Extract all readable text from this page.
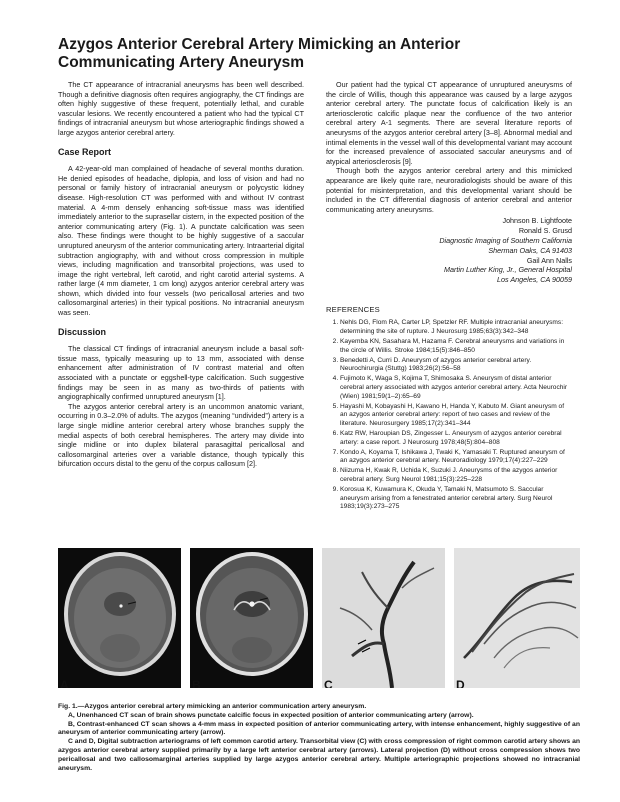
Azygos Anterior Cerebral Artery Mimicking an Anterior Communicating Artery Aneurysm

The CT appearance of intracranial aneurysms has been well described. Though a definitive diagnosis often requires angiography, the CT findings are often highly suggestive of these frequent, potentially lethal, and curable vascular lesions. We recently encountered a patient who had the typical CT findings of intracranial aneurysm but whose arteriographic findings showed a large azygos anterior cerebral artery.

Case Report

A 42-year-old man complained of headache of several months duration. He denied episodes of headache, diplopia, and loss of vision and had no personal or family history of intracranial aneurysm or polycystic kidney disease. High-resolution CT was performed with and without IV contrast material. A 4-mm densely enhancing soft-tissue mass was identified immediately anterior to the suprasellar cistern, in the expected position of the anterior communicating artery (Fig. 1). A punctate calcification was seen also. These findings were thought to be highly suggestive of a saccular unruptured aneurysm of the anterior communicating artery. Intraarterial digital subtraction angiography, with and without cross compression in multiple views, including magnification and transorbital projections, was used to image the right vertebral, left carotid, and right carotid arterial systems. A rather large (4 mm diameter, 1 cm long) azygos anterior cerebral artery was shown, which divided into four vessels (two pericallosal arteries and two callosomarginal arteries) in their typical positions. No intracranial aneurysm was seen.

Discussion

The classical CT findings of intracranial aneurysm include a basal soft-tissue mass, typically measuring up to 13 mm, associated with dense enhancement after administration of IV contrast material and often associated with a punctate or eggshell-type calcification. Such suggestive findings may be seen in as many as two-thirds of patients with angiographically confirmed unruptured aneurysm [1].

The azygos anterior cerebral artery is an uncommon anatomic variant, occurring in 0.3–2.0% of adults. The azygos (meaning “undivided”) artery is a large single midline anterior cerebral artery whose branches supply the medial aspects of both cerebral hemispheres. The artery may divide into single midline or into duplex bilateral parasagittal pericallosal and callosomarginal arteries over a variable distance, though typically this bifurcation occurs distal to the genu of the corpus callosum [2].

Our patient had the typical CT appearance of unruptured aneurysms of the circle of Willis, though this appearance was caused by a large azygos anterior cerebral artery. The punctate focus of calcification likely is an arteriosclerotic calcific plaque near the confluence of the two anterior cerebral artery A-1 segments. There are several literature reports of aneurysms of the azygos anterior cerebral artery [3–8]. Abnormal medial and intimal elements in the vessel wall of this developmental variant may account for the increased prevalence of associated saccular aneurysms and of atypical arteriosclerosis [9].

Though both the azygos anterior cerebral artery and this mimicked appearance are likely quite rare, neuroradiologists should be aware of this potential for misinterpretation, and this developmental variant should be included in the CT differential diagnosis of anterior cerebral and anterior communicating artery aneurysms.

Johnson B. Lightfoote
Ronald S. Grusd
Diagnostic Imaging of Southern California
Sherman Oaks, CA 91403
Gail Ann Nalls
Martin Luther King, Jr., General Hospital
Los Angeles, CA 90059
REFERENCES
1. Nehls DG, Flom RA, Carter LP, Spetzler RF. Multiple intracranial aneurysms: determining the site of rupture. J Neurosurg 1985;63(3):342–348
2. Kayemba KN, Sasahara M, Hazama F. Cerebral aneurysms and variations in the circle of Willis. Stroke 1984;15(5):846–850
3. Benedetti A, Curri D. Aneurysm of azygos anterior cerebral artery. Neurochirurgia (Stuttg) 1983;26(2):56–58
4. Fujimoto K, Waga S, Kojima T, Shimosaka S. Aneurysm of distal anterior cerebral artery associated with azygos anterior cerebral artery. Acta Neurochir (Wien) 1981;59(1–2):65–69
5. Hayashi M, Kobayashi H, Kawano H, Handa Y, Kabuto M. Giant aneurysm of an azygos anterior cerebral artery: report of two cases and review of the literature. Neurosurgery 1985;17(2):341–344
6. Katz RW, Haroupian DS, Zingesser L. Aneurysm of azygos anterior cerebral artery: a case report. J Neurosurg 1978;48(5):804–808
7. Kondo A, Koyama T, Ishikawa J, Twaki K, Yamasaki T. Ruptured aneurysm of an azygos anterior cerebral artery. Neuroradiology 1979;17(4):227–229
8. Niizuma H, Kwak R, Uchida K, Suzuki J. Aneurysms of the azygos anterior cerebral artery. Surg Neurol 1981;15(3):225–228
9. Korosua K, Kuwamura K, Okuda Y, Tamaki N, Matsumoto S. Saccular aneurysm arising from a fenestrated anterior cerebral artery. Surg Neurol 1983;19(3):273–275
A	B	C	D

Fig. 1.—Azygos anterior cerebral artery mimicking an anterior communication artery aneurysm.

A, Unenhanced CT scan of brain shows punctate calcific focus in expected position of anterior communicating artery (arrow).

B, Contrast-enhanced CT scan shows a 4-mm mass in expected position of anterior communicating artery, with intense enhancement, highly suggestive of an aneurysm of anterior communicating artery (arrow).

C and D, Digital subtraction arteriograms of left common carotid artery. Transorbital view (C) with cross compression of right common carotid artery shows an azygos anterior cerebral artery supplied primarily by a large left anterior cerebral artery (arrows). Lateral projection (D) without cross compression shows two pericallosal and two callosomarginal arteries supplied by large azygos anterior cerebral artery. Multiple arteriographic projections showed no intracranial aneurysm.
